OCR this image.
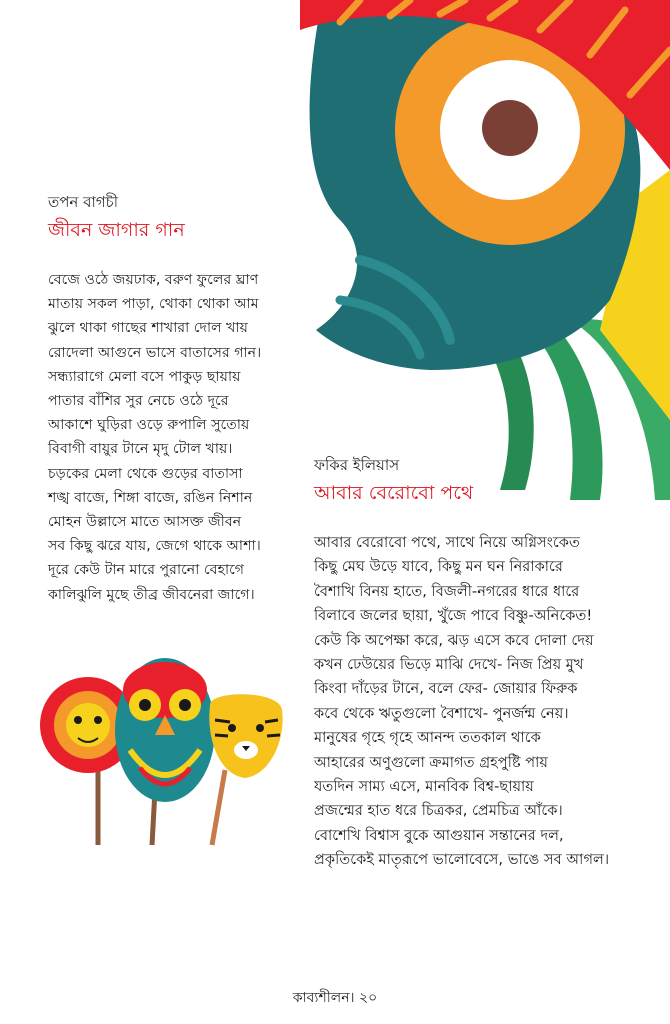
তপন বাগচী

জীবন জাগার গান
বেজে ওঠে জয়ঢাক, বরুণ ফুলের ঘ্রাণ
মাতায় সকল পাড়া, থোকা থোকা আম
ঝুলে থাকা গাছের শাখারা দোল খায়
রোদেলা আগুনে ভাসে বাতাসের গান।
সন্ধ্যারাগে মেলা বসে পাকুড় ছায়ায়
পাতার বাঁশির সুর নেচে ওঠে দূরে
আকাশে ঘুড়িরা ওড়ে রুপালি সুতোয়
বিবাগী বায়ুর টানে মৃদু টোল খায়।
চড়কের মেলা থেকে গুড়ের বাতাসা
শঙ্খ বাজে, শিঙ্গা বাজে, রঙিন নিশান
মোহন উল্লাসে মাতে আসক্ত জীবন
সব কিছু ঝরে যায়, জেগে থাকে আশা।
দূরে কেউ টান মারে পুরানো বেহাগে
কালিঝুলি মুছে তীব্র জীবনেরা জাগে।

ফকির ইলিয়াস

আবার বেরোবো পথে
আবার বেরোবো পথে, সাথে নিয়ে অগ্নিসংকেত
কিছু মেঘ উড়ে যাবে, কিছু মন ঘন নিরাকারে
বৈশাখি বিনয় হাতে, বিজলী-নগরের ধারে ধারে
বিলাবে জলের ছায়া, খুঁজে পাবে বিষ্ণু-অনিকেত!
কেউ কি অপেক্ষা করে, ঝড় এসে কবে দোলা দেয়
কখন ঢেউয়ের ভিড়ে মাঝি দেখে- নিজ প্রিয় মুখ
কিংবা দাঁড়ের টানে, বলে ফের- জোয়ার ফিরুক
কবে থেকে ঋতুগুলো বৈশাখে- পুনর্জন্ম নেয়।
মানুষের গৃহে গৃহে আনন্দ ততকাল থাকে
আহারের অণুগুলো ক্রমাগত গ্রহপুষ্টি পায়
যতদিন সাম্য এসে, মানবিক বিশ্ব-ছায়ায়
প্রজন্মের হাত ধরে চিত্রকর, প্রেমচিত্র আঁকে।
বোশেখি বিশ্বাস বুকে আগুয়ান সন্তানের দল,
প্রকৃতিকেই মাতৃরূপে ভালোবেসে, ভাঙে সব আগল।
কাব্যশীলন। ২০
